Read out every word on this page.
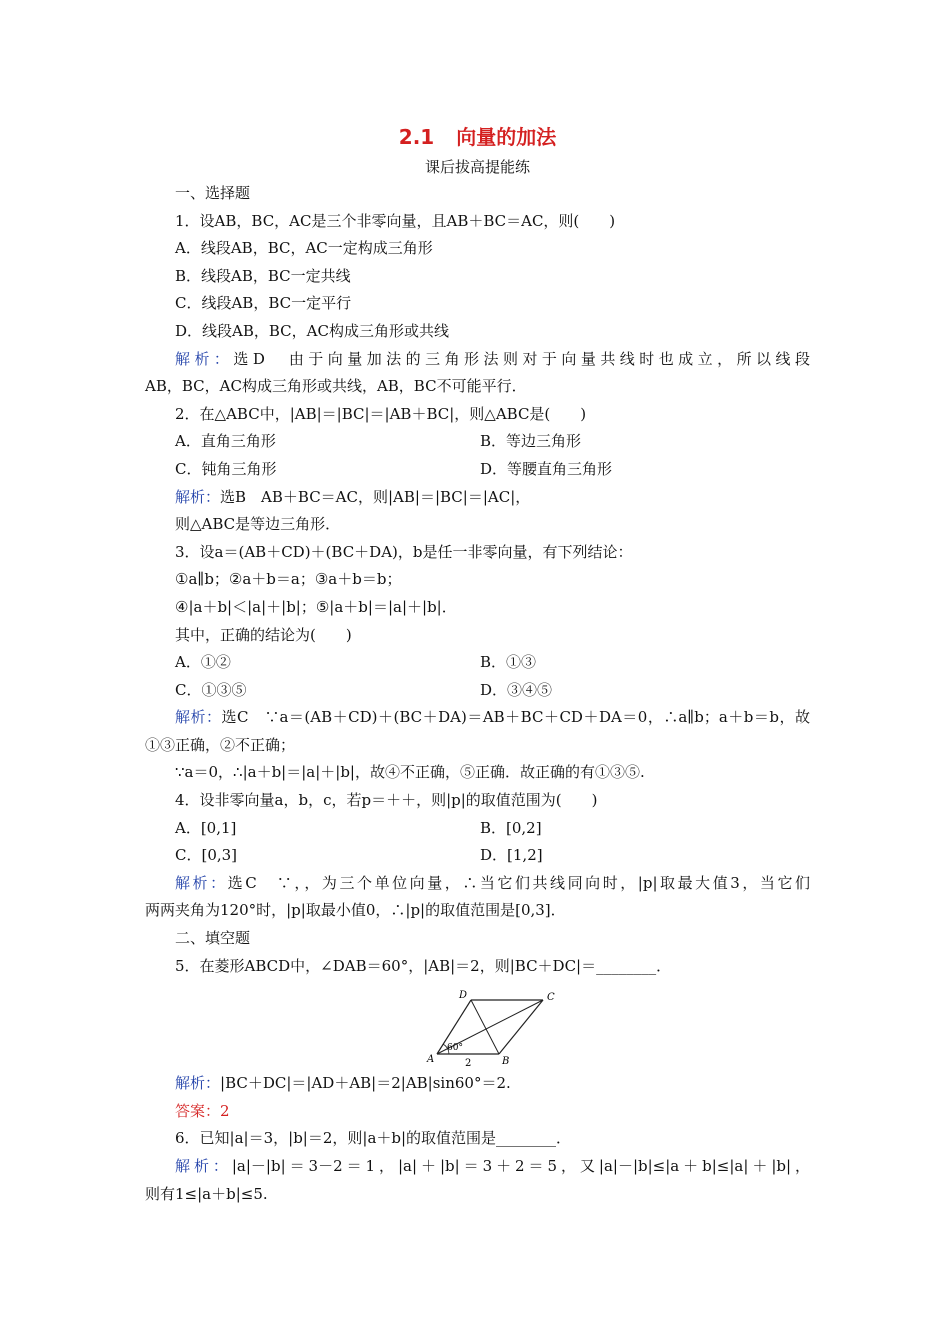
2.1 向量的加法
课后拔高提能练
一、选择题
1．设AB，BC，AC是三个非零向量，且AB＋BC＝AC，则(　　)
A．线段AB，BC，AC一定构成三角形
B．线段AB，BC一定共线
C．线段AB，BC一定平行
D．线段AB，BC，AC构成三角形或共线
解析：选D　由于向量加法的三角形法则对于向量共线时也成立，所以线段
AB，BC，AC构成三角形或共线，AB，BC不可能平行．
2．在△ABC中，|AB|＝|BC|＝|AB＋BC|，则△ABC是(　　)
A．直角三角形	B．等边三角形
C．钝角三角形	D．等腰直角三角形
解析：选B　AB＋BC＝AC，则|AB|＝|BC|＝|AC|，
则△ABC是等边三角形．
3．设a＝(AB＋CD)＋(BC＋DA)，b是任一非零向量，有下列结论：
①a∥b；②a＋b＝a；③a＋b＝b；
④|a＋b|＜|a|＋|b|；⑤|a＋b|＝|a|＋|b|．
其中，正确的结论为(　　)
A．①②	B．①③
C．①③⑤	D．③④⑤
解析：选C　∵a＝(AB＋CD)＋(BC＋DA)＝AB＋BC＋CD＋DA＝0，∴a∥b；a＋b＝b，故
①③正确，②不正确；
∵a＝0，∴|a＋b|＝|a|＋|b|，故④不正确，⑤正确．故正确的有①③⑤.
4．设非零向量a，b，c，若p＝＋＋，则|p|的取值范围为(　　)
A．[0,1]	B．[0,2]
C．[0,3]	D．[1,2]
解析：选C　∵，，为三个单位向量，∴当它们共线同向时，|p|取最大值3，当它们
两两夹角为120°时，|p|取最小值0，∴|p|的取值范围是[0,3]．
二、填空题
5．在菱形ABCD中，∠DAB＝60°，|AB|＝2，则|BC＋DC|＝________．
A	B
C
D
60°
2
解析：|BC＋DC|＝|AD＋AB|＝2|AB|sin60°＝2.
答案：2
6．已知|a|＝3，|b|＝2，则|a＋b|的取值范围是________．
解析：|a|－|b|＝3－2＝1，|a|＋|b|＝3＋2＝5，又|a|－|b|≤|a＋b|≤|a|＋|b|，
则有1≤|a＋b|≤5.
